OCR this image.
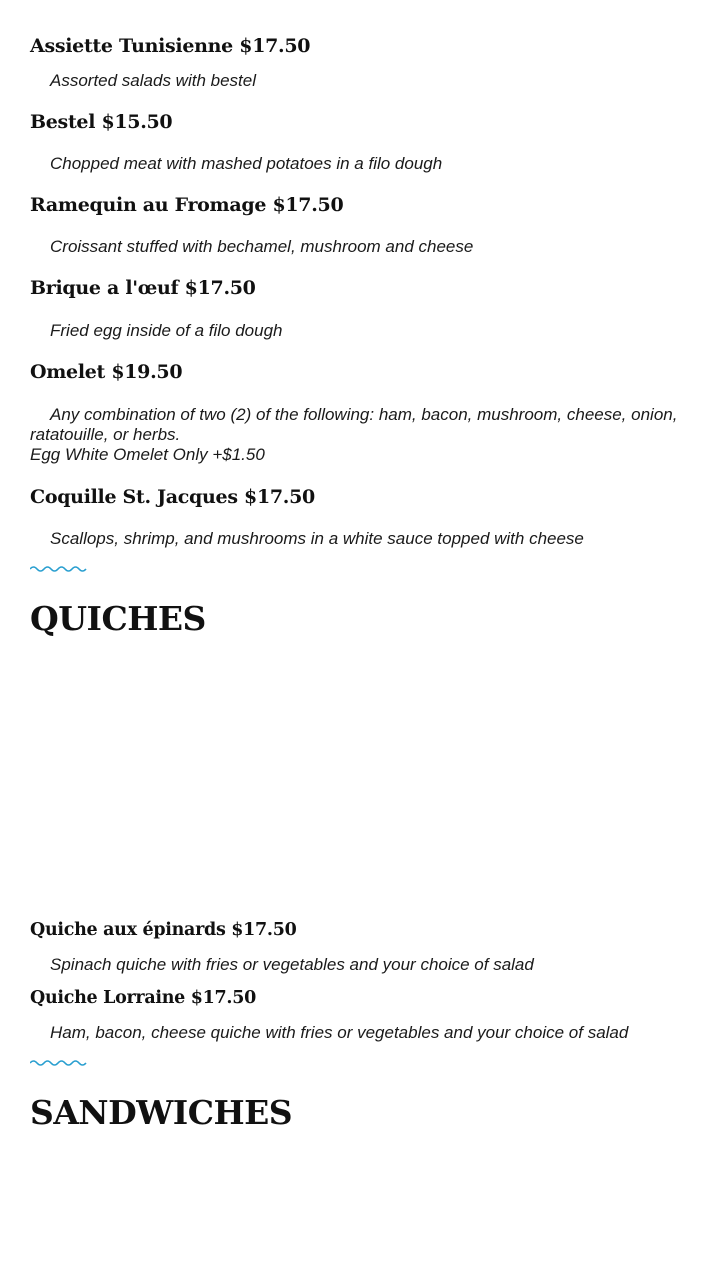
Assiette Tunisienne $17.50
Assorted salads with bestel
Bestel $15.50
Chopped meat with mashed potatoes in a filo dough
Ramequin au Fromage $17.50
Croissant stuffed with bechamel, mushroom and cheese
Brique a l'œuf $17.50
Fried egg inside of a filo dough
Omelet $19.50
Any combination of two (2) of the following: ham, bacon, mushroom, cheese, onion, ratatouille, or herbs.
Egg White Omelet Only +$1.50
Coquille St. Jacques $17.50
Scallops, shrimp, and mushrooms in a white sauce topped with cheese
QUICHES
Quiche aux épinards $17.50
Spinach quiche with fries or vegetables and your choice of salad
Quiche Lorraine $17.50
Ham, bacon, cheese quiche with fries or vegetables and your choice of salad
SANDWICHES
